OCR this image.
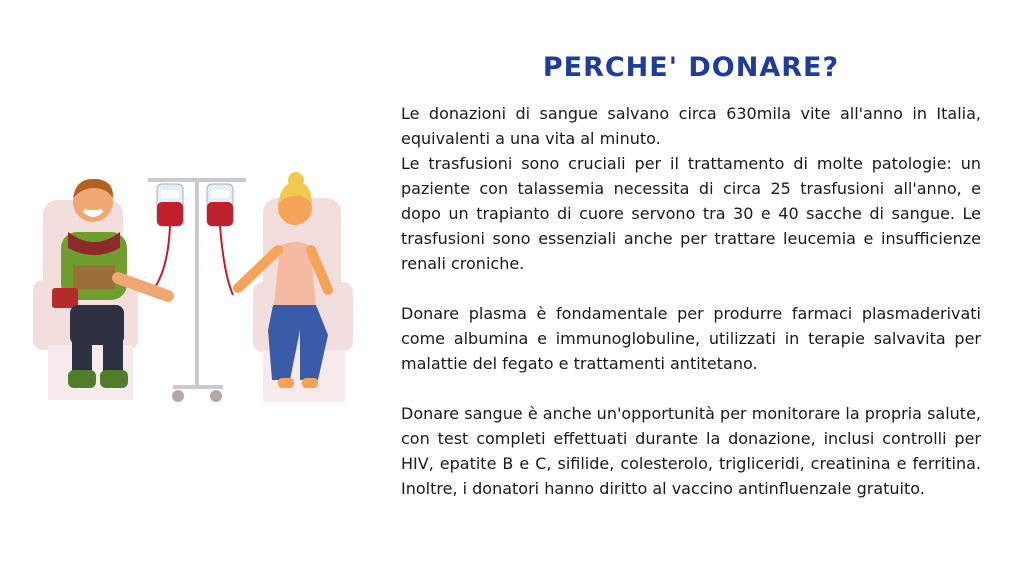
PERCHE' DONARE?

Le donazioni di sangue salvano circa 630mila vite all'anno in Italia, equivalenti a una vita al minuto.

Le trasfusioni sono cruciali per il trattamento di molte patologie: un paziente con talassemia necessita di circa 25 trasfusioni all'anno, e dopo un trapianto di cuore servono tra 30 e 40 sacche di sangue. Le trasfusioni sono essenziali anche per trattare leucemia e insufficienze renali croniche.

Donare plasma è fondamentale per produrre farmaci plasmaderivati come albumina e immunoglobuline, utilizzati in terapie salvavita per malattie del fegato e trattamenti antitetano.

Donare sangue è anche un'opportunità per monitorare la propria salute, con test completi effettuati durante la donazione, inclusi controlli per HIV, epatite B e C, sifilide, colesterolo, trigliceridi, creatinina e ferritina. Inoltre, i donatori hanno diritto al vaccino antinfluenzale gratuito.
